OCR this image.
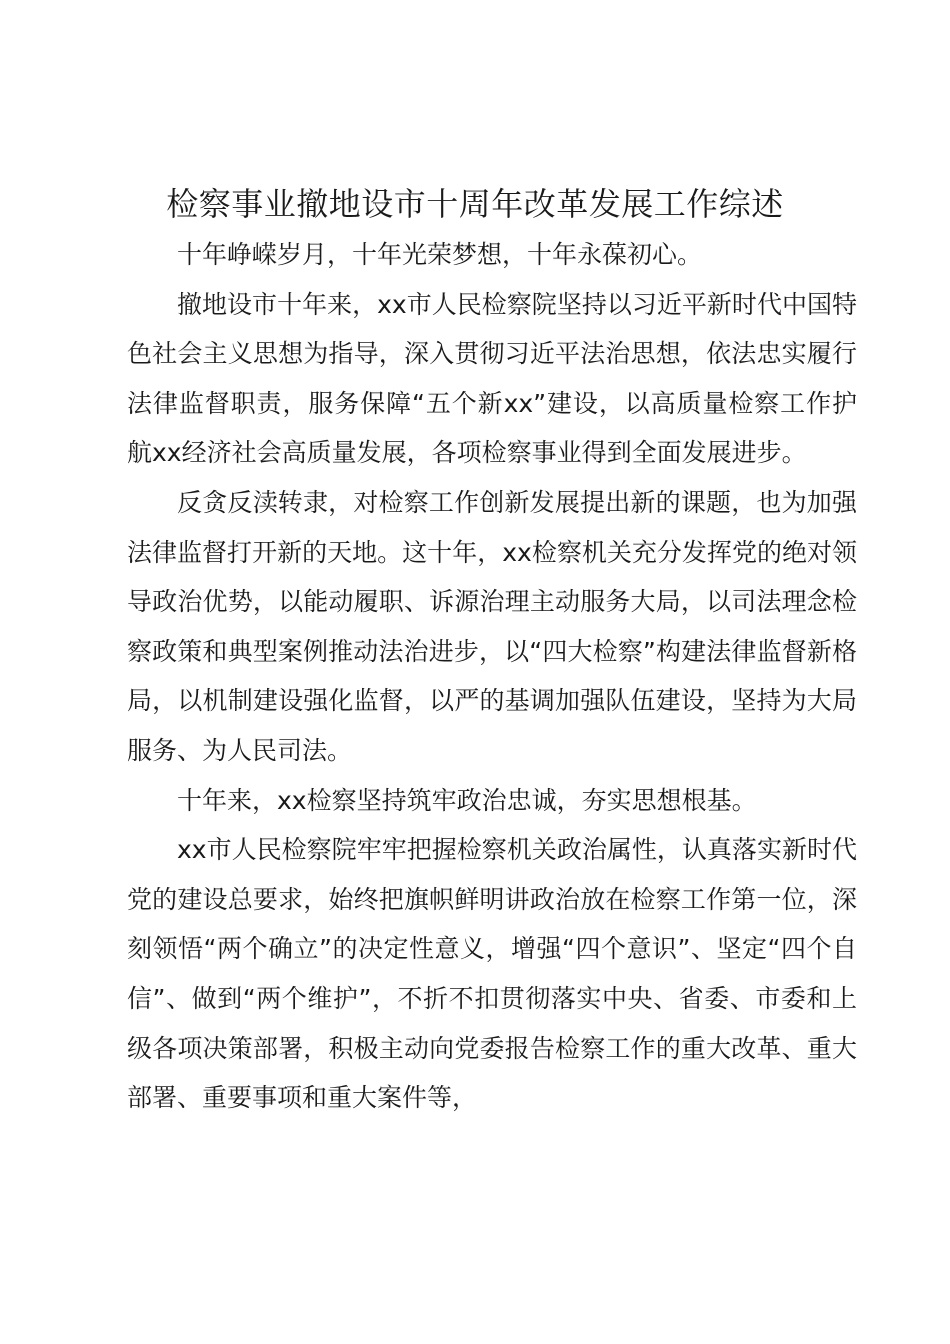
检察事业撤地设市十周年改革发展工作综述

十年峥嵘岁月，十年光荣梦想，十年永葆初心。

撤地设市十年来，xx市人民检察院坚持以习近平新时代中国特色社会主义思想为指导，深入贯彻习近平法治思想，依法忠实履行法律监督职责，服务保障“五个新xx”建设，以高质量检察工作护航xx经济社会高质量发展，各项检察事业得到全面发展进步。

反贪反渎转隶，对检察工作创新发展提出新的课题，也为加强法律监督打开新的天地。这十年，xx检察机关充分发挥党的绝对领导政治优势，以能动履职、诉源治理主动服务大局，以司法理念检察政策和典型案例推动法治进步，以“四大检察”构建法律监督新格局，以机制建设强化监督，以严的基调加强队伍建设，坚持为大局服务、为人民司法。

十年来，xx检察坚持筑牢政治忠诚，夯实思想根基。

xx市人民检察院牢牢把握检察机关政治属性，认真落实新时代党的建设总要求，始终把旗帜鲜明讲政治放在检察工作第一位，深刻领悟“两个确立”的决定性意义，增强“四个意识”、坚定“四个自信”、做到“两个维护”，不折不扣贯彻落实中央、省委、市委和上级各项决策部署，积极主动向党委报告检察工作的重大改革、重大部署、重要事项和重大案件等，
